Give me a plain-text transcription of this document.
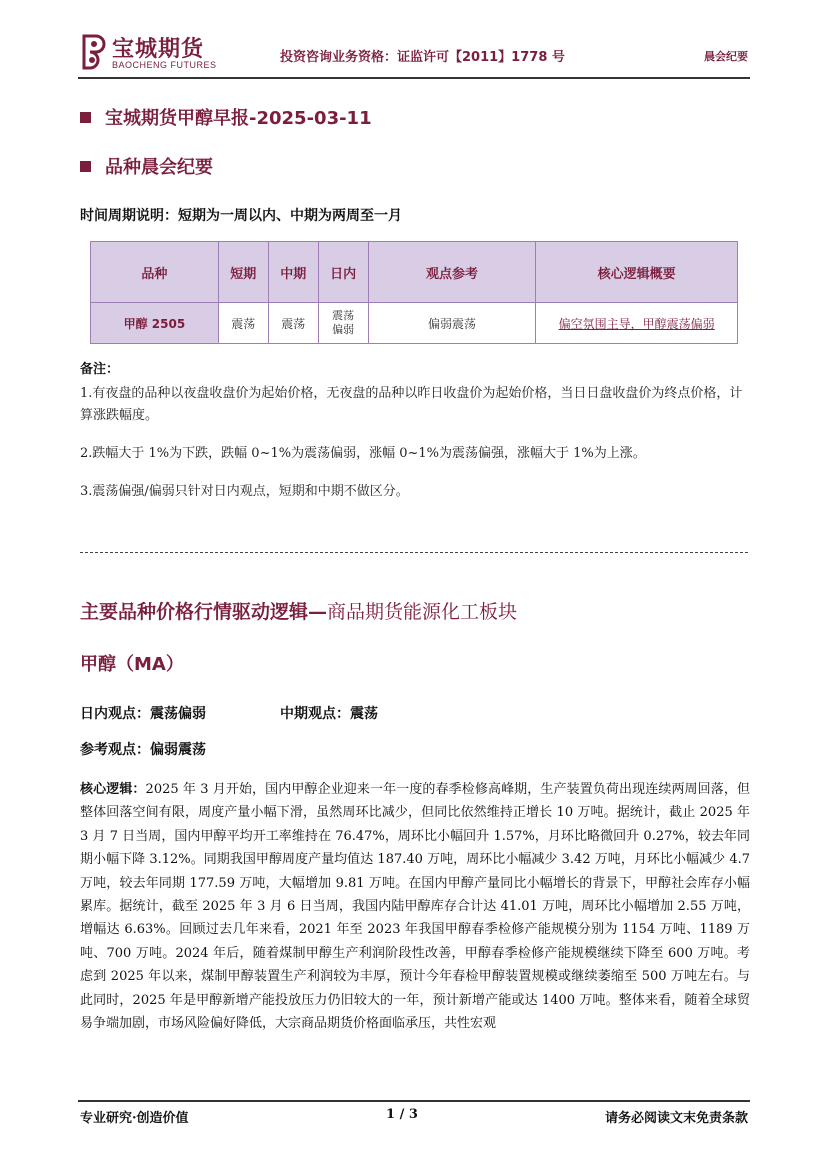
宝城期货
BAOCHENG FUTURES	投资咨询业务资格：证监许可【2011】1778 号	晨会纪要
宝城期货甲醇早报-2025-03-11
品种晨会纪要
时间周期说明：短期为一周以内、中期为两周至一月
品种	短期	中期	日内	观点参考	核心逻辑概要
甲醇 2505	震荡	震荡	震荡偏弱	偏弱震荡	偏空氛围主导，甲醇震荡偏弱
备注：

1.有夜盘的品种以夜盘收盘价为起始价格，无夜盘的品种以昨日收盘价为起始价格，当日日盘收盘价为终点价格，计算涨跌幅度。

2.跌幅大于 1%为下跌，跌幅 0~1%为震荡偏弱，涨幅 0~1%为震荡偏强，涨幅大于 1%为上涨。

3.震荡偏强/偏弱只针对日内观点，短期和中期不做区分。

主要品种价格行情驱动逻辑—商品期货能源化工板块
甲醇（MA）
日内观点：震荡偏弱	中期观点：震荡
参考观点：偏弱震荡
核心逻辑：2025 年 3 月开始，国内甲醇企业迎来一年一度的春季检修高峰期，生产装置负荷出现连续两周回落，但整体回落空间有限，周度产量小幅下滑，虽然周环比减少，但同比依然维持正增长 10 万吨。据统计，截止 2025 年 3 月 7 日当周，国内甲醇平均开工率维持在 76.47%，周环比小幅回升 1.57%，月环比略微回升 0.27%，较去年同期小幅下降 3.12%。同期我国甲醇周度产量均值达 187.40 万吨，周环比小幅减少 3.42 万吨，月环比小幅减少 4.7 万吨，较去年同期 177.59 万吨，大幅增加 9.81 万吨。在国内甲醇产量同比小幅增长的背景下，甲醇社会库存小幅累库。据统计，截至 2025 年 3 月 6 日当周，我国内陆甲醇库存合计达 41.01 万吨，周环比小幅增加 2.55 万吨，增幅达 6.63%。回顾过去几年来看，2021 年至 2023 年我国甲醇春季检修产能规模分别为 1154 万吨、1189 万吨、700 万吨。2024 年后，随着煤制甲醇生产利润阶段性改善，甲醇春季检修产能规模继续下降至 600 万吨。考虑到 2025 年以来，煤制甲醇装置生产利润较为丰厚，预计今年春检甲醇装置规模或继续萎缩至 500 万吨左右。与此同时，2025 年是甲醇新增产能投放压力仍旧较大的一年，预计新增产能或达 1400 万吨。整体来看，随着全球贸易争端加剧，市场风险偏好降低，大宗商品期货价格面临承压，共性宏观
专业研究·创造价值	1 / 3	请务必阅读文末免责条款
